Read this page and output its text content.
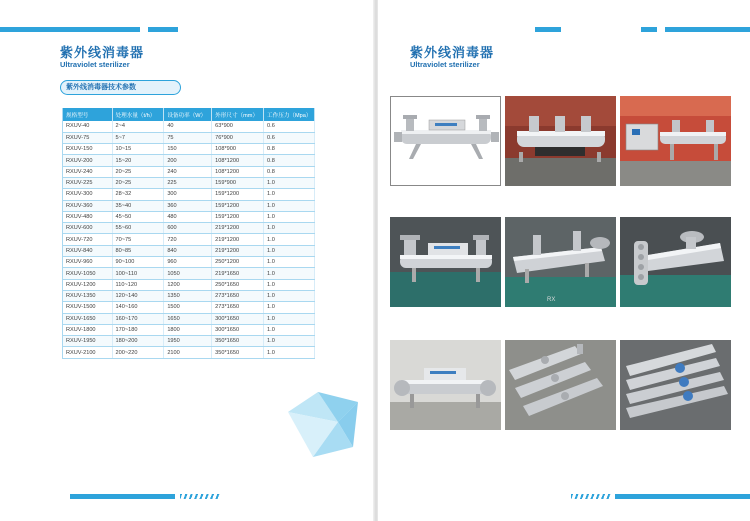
紫外线消毒器
Ultraviolet sterilizer
紫外线消毒器技术参数
规格型号	处理水量（t/h）	设备功率（W）	外形尺寸（mm）	工作压力（Mpa）
RXUV-40	2~4	40	63*900	0.6
RXUV-75	5~7	75	76*900	0.6
RXUV-150	10~15	150	108*900	0.8
RXUV-200	15~20	200	108*1200	0.8
RXUV-240	20~25	240	108*1200	0.8
RXUV-225	20~25	225	159*900	1.0
RXUV-300	28~32	300	159*1200	1.0
RXUV-360	35~40	360	159*1200	1.0
RXUV-480	45~50	480	159*1200	1.0
RXUV-600	55~60	600	219*1200	1.0
RXUV-720	70~75	720	219*1200	1.0
RXUV-840	80~85	840	219*1200	1.0
RXUV-960	90~100	960	250*1200	1.0
RXUV-1050	100~110	1050	219*1650	1.0
RXUV-1200	110~120	1200	250*1650	1.0
RXUV-1350	120~140	1350	273*1650	1.0
RXUV-1500	140~160	1500	273*1650	1.0
RXUV-1650	160~170	1650	300*1650	1.0
RXUV-1800	170~180	1800	300*1650	1.0
RXUV-1950	180~200	1950	350*1650	1.0
RXUV-2100	200~220	2100	350*1650	1.0
紫外线消毒器
Ultraviolet sterilizer
RX
